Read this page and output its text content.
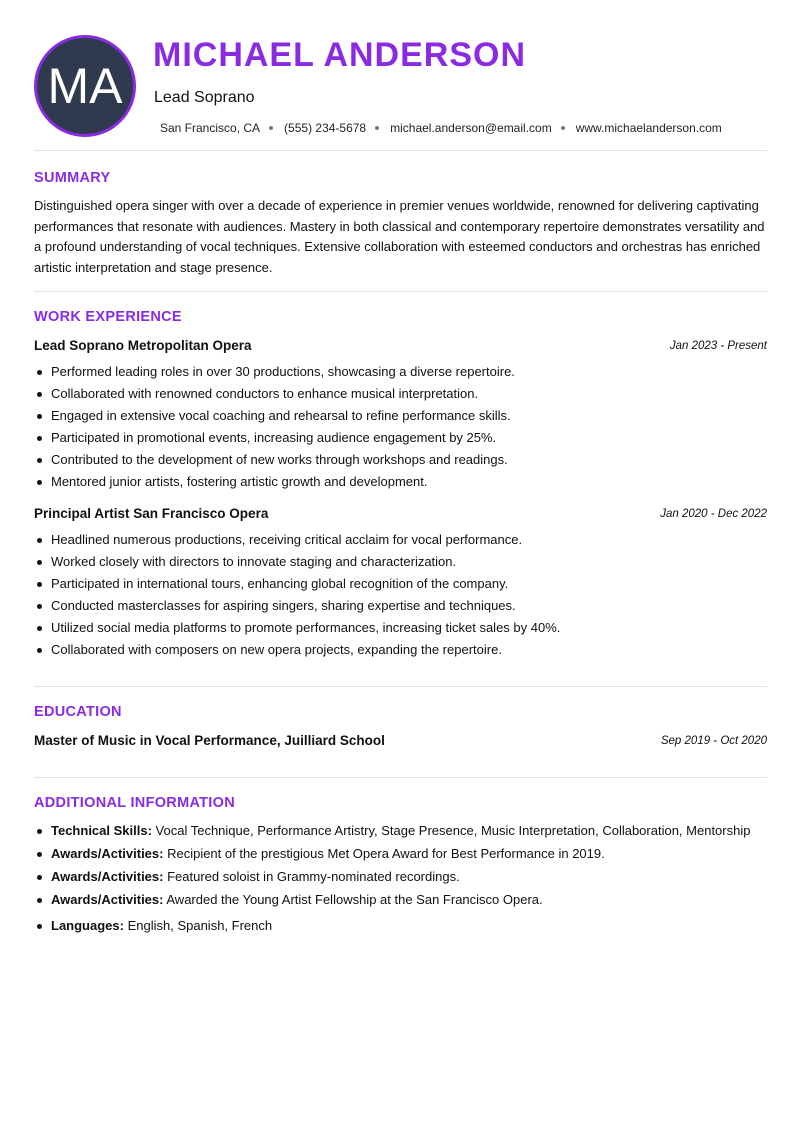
MA
MICHAEL ANDERSON
Lead Soprano
San Francisco, CA (555) 234-5678 michael.anderson@email.com www.michaelanderson.com
SUMMARY
Distinguished opera singer with over a decade of experience in premier venues worldwide, renowned for delivering captivating performances that resonate with audiences. Mastery in both classical and contemporary repertoire demonstrates versatility and a profound understanding of vocal techniques. Extensive collaboration with esteemed conductors and orchestras has enriched artistic interpretation and stage presence.
WORK EXPERIENCE
Lead Soprano Metropolitan Opera	Jan 2023 - Present
Performed leading roles in over 30 productions, showcasing a diverse repertoire.
Collaborated with renowned conductors to enhance musical interpretation.
Engaged in extensive vocal coaching and rehearsal to refine performance skills.
Participated in promotional events, increasing audience engagement by 25%.
Contributed to the development of new works through workshops and readings.
Mentored junior artists, fostering artistic growth and development.
Principal Artist San Francisco Opera	Jan 2020 - Dec 2022
Headlined numerous productions, receiving critical acclaim for vocal performance.
Worked closely with directors to innovate staging and characterization.
Participated in international tours, enhancing global recognition of the company.
Conducted masterclasses for aspiring singers, sharing expertise and techniques.
Utilized social media platforms to promote performances, increasing ticket sales by 40%.
Collaborated with composers on new opera projects, expanding the repertoire.
EDUCATION
Master of Music in Vocal Performance, Juilliard School	Sep 2019 - Oct 2020
ADDITIONAL INFORMATION
Technical Skills: Vocal Technique, Performance Artistry, Stage Presence, Music Interpretation, Collaboration, Mentorship
Awards/Activities: Recipient of the prestigious Met Opera Award for Best Performance in 2019.
Awards/Activities: Featured soloist in Grammy-nominated recordings.
Awards/Activities: Awarded the Young Artist Fellowship at the San Francisco Opera.
Languages: English, Spanish, French
